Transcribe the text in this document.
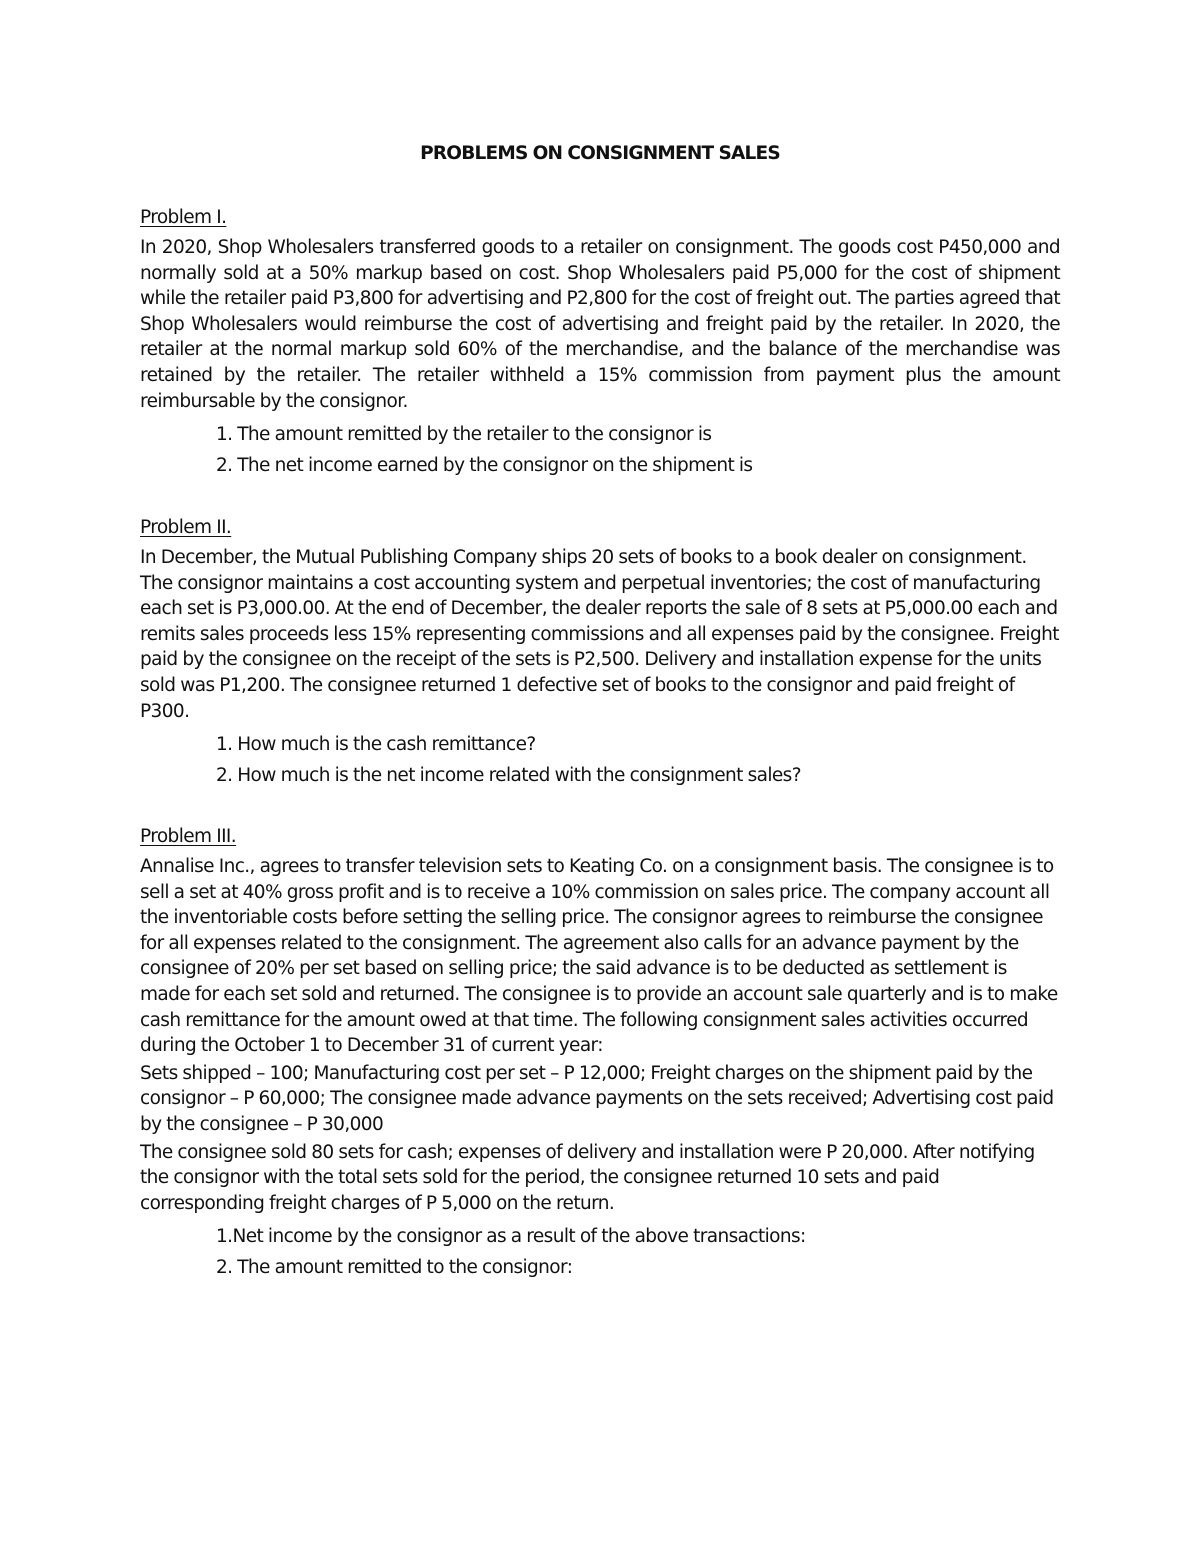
PROBLEMS ON CONSIGNMENT SALES
Problem I.

In 2020, Shop Wholesalers transferred goods to a retailer on consignment. The goods cost P450,000 and normally sold at a 50% markup based on cost. Shop Wholesalers paid P5,000 for the cost of shipment while the retailer paid P3,800 for advertising and P2,800 for the cost of freight out. The parties agreed that Shop Wholesalers would reimburse the cost of advertising and freight paid by the retailer. In 2020, the retailer at the normal markup sold 60% of the merchandise, and the balance of the merchandise was retained by the retailer. The retailer withheld a 15% commission from payment plus the amount reimbursable by the consignor.

1. The amount remitted by the retailer to the consignor is
2. The net income earned by the consignor on the shipment is
Problem II.

In December, the Mutual Publishing Company ships 20 sets of books to a book dealer on consignment. The consignor maintains a cost accounting system and perpetual inventories; the cost of manufacturing each set is P3,000.00. At the end of December, the dealer reports the sale of 8 sets at P5,000.00 each and remits sales proceeds less 15% representing commissions and all expenses paid by the consignee. Freight paid by the consignee on the receipt of the sets is P2,500. Delivery and installation expense for the units sold was P1,200. The consignee returned 1 defective set of books to the consignor and paid freight of P300.

1. How much is the cash remittance?
2. How much is the net income related with the consignment sales?
Problem III.

Annalise Inc., agrees to transfer television sets to Keating Co. on a consignment basis. The consignee is to sell a set at 40% gross profit and is to receive a 10% commission on sales price. The company account all the inventoriable costs before setting the selling price. The consignor agrees to reimburse the consignee for all expenses related to the consignment. The agreement also calls for an advance payment by the consignee of 20% per set based on selling price; the said advance is to be deducted as settlement is made for each set sold and returned. The consignee is to provide an account sale quarterly and is to make cash remittance for the amount owed at that time. The following consignment sales activities occurred during the October 1 to December 31 of current year:

Sets shipped – 100; Manufacturing cost per set – P 12,000; Freight charges on the shipment paid by the consignor – P 60,000; The consignee made advance payments on the sets received; Advertising cost paid by the consignee – P 30,000

The consignee sold 80 sets for cash; expenses of delivery and installation were P 20,000. After notifying the consignor with the total sets sold for the period, the consignee returned 10 sets and paid corresponding freight charges of P 5,000 on the return.

1.Net income by the consignor as a result of the above transactions:
2. The amount remitted to the consignor:
